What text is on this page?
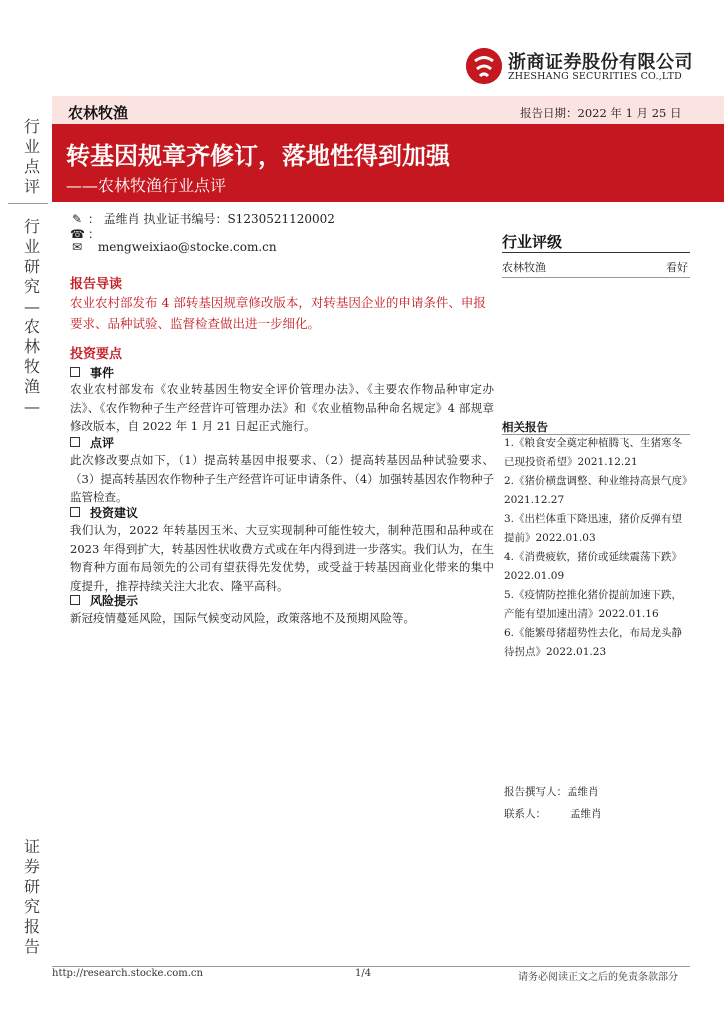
浙商证券股份有限公司
ZHESHANG SECURITIES CO.,LTD
行业点评
行业研究—农林牧渔—
证券研究报告
农林牧渔	报告日期：2022 年 1 月 25 日
转基因规章齐修订，落地性得到加强
——农林牧渔行业点评
✎ ： 孟维肖 执业证书编号：S1230521120002
☎ ：
✉ mengweixiao@stocke.com.cn	行业评级
农林牧渔	看好
报告导读
农业农村部发布 4 部转基因规章修改版本，对转基因企业的申请条件、申报要求、品种试验、监督检查做出进一步细化。
投资要点
事件
农业农村部发布《农业转基因生物安全评价管理办法》、《主要农作物品种审定办法》、《农作物种子生产经营许可管理办法》和《农业植物品种命名规定》4 部规章修改版本，自 2022 年 1 月 21 日起正式施行。
点评
此次修改要点如下，（1）提高转基因申报要求、（2）提高转基因品种试验要求、（3）提高转基因农作物种子生产经营许可证申请条件、（4）加强转基因农作物种子监管检查。
投资建议
我们认为，2022 年转基因玉米、大豆实现制种可能性较大，制种范围和品种或在 2023 年得到扩大，转基因性状收费方式或在年内得到进一步落实。我们认为，在生物育种方面布局领先的公司有望获得先发优势，或受益于转基因商业化带来的集中度提升，推荐持续关注大北农、隆平高科。
风险提示
新冠疫情蔓延风险，国际气候变动风险，政策落地不及预期风险等。
相关报告
1.《粮食安全奠定种植腾飞、生猪寒冬已现投资希望》2021.12.21
2.《猪价横盘调整、种业维持高景气度》2021.12.27
3.《出栏体重下降迅速，猪价反弹有望提前》2022.01.03
4.《消费疲软，猪价或延续震荡下跌》2022.01.09
5.《疫情防控推化猪价提前加速下跌，产能有望加速出清》2022.01.16
6.《能繁母猪超势性去化，布局龙头静待拐点》2022.01.23
报告撰写人：孟维肖
联系人： 孟维肖
http://research.stocke.com.cn	1/4	请务必阅读正文之后的免责条款部分
